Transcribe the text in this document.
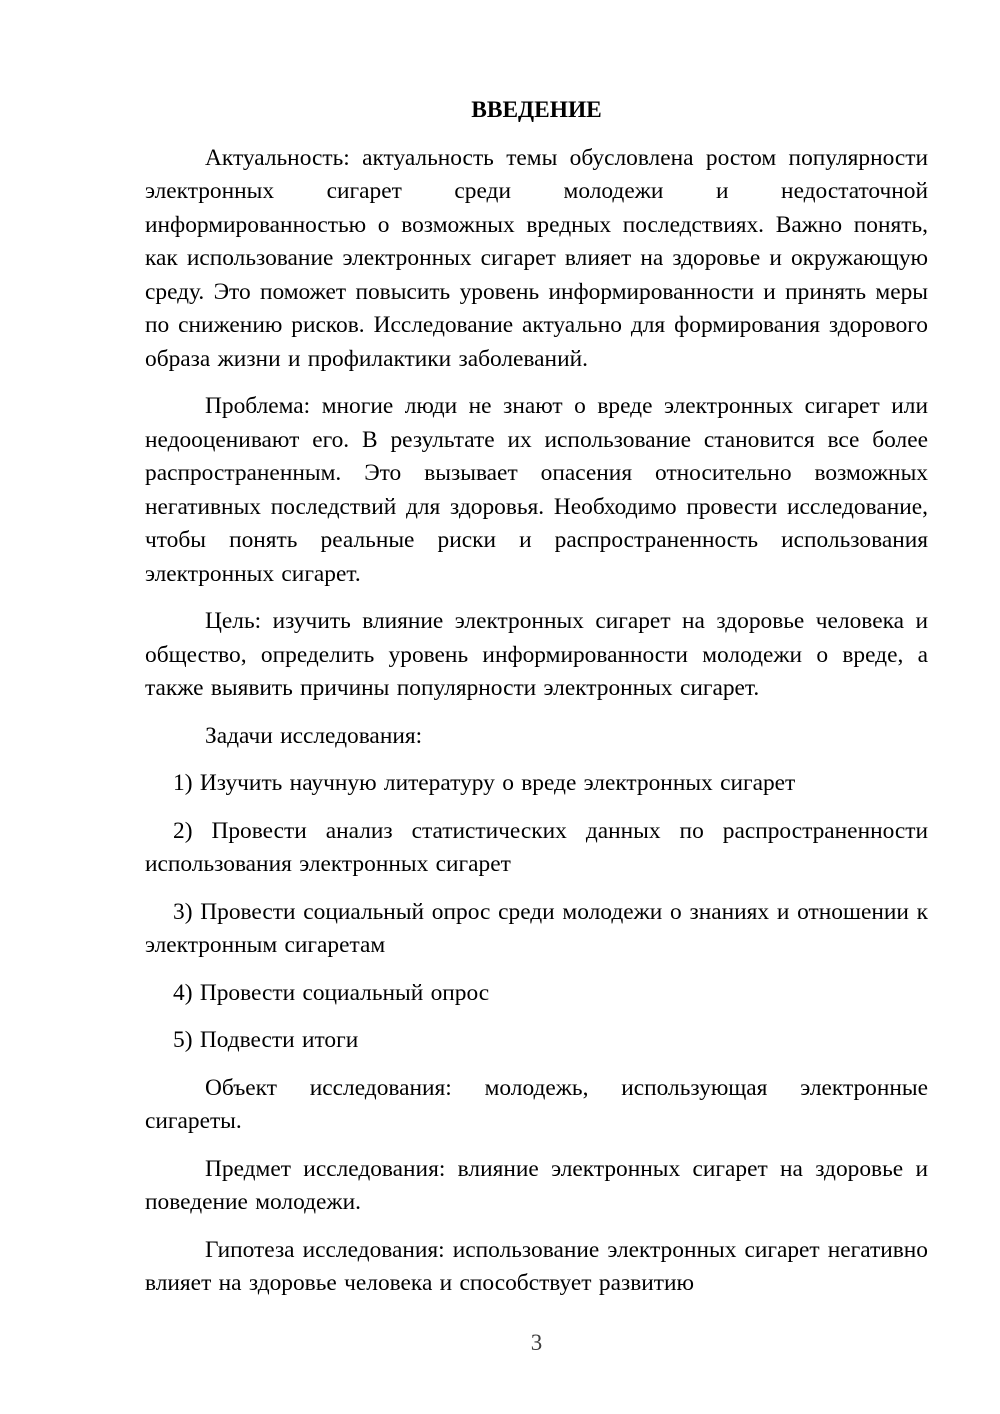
ВВЕДЕНИЕ

Актуальность: актуальность темы обусловлена ростом популярности электронных сигарет среди молодежи и недостаточной информированностью о возможных вредных последствиях. Важно понять, как использование электронных сигарет влияет на здоровье и окружающую среду. Это поможет повысить уровень информированности и принять меры по снижению рисков. Исследование актуально для формирования здорового образа жизни и профилактики заболеваний.

Проблема: многие люди не знают о вреде электронных сигарет или недооценивают его. В результате их использование становится все более распространенным. Это вызывает опасения относительно возможных негативных последствий для здоровья. Необходимо провести исследование, чтобы понять реальные риски и распространенность использования электронных сигарет.

Цель: изучить влияние электронных сигарет на здоровье человека и общество, определить уровень информированности молодежи о вреде, а также выявить причины популярности электронных сигарет.

Задачи исследования:

1) Изучить научную литературу о вреде электронных сигарет

2) Провести анализ статистических данных по распространенности использования электронных сигарет

3) Провести социальный опрос среди молодежи о знаниях и отношении к электронным сигаретам

4) Провести социальный опрос

5) Подвести итоги

Объект исследования: молодежь, использующая электронные сигареты.

Предмет исследования: влияние электронных сигарет на здоровье и поведение молодежи.

Гипотеза исследования: использование электронных сигарет негативно влияет на здоровье человека и способствует развитию

3
